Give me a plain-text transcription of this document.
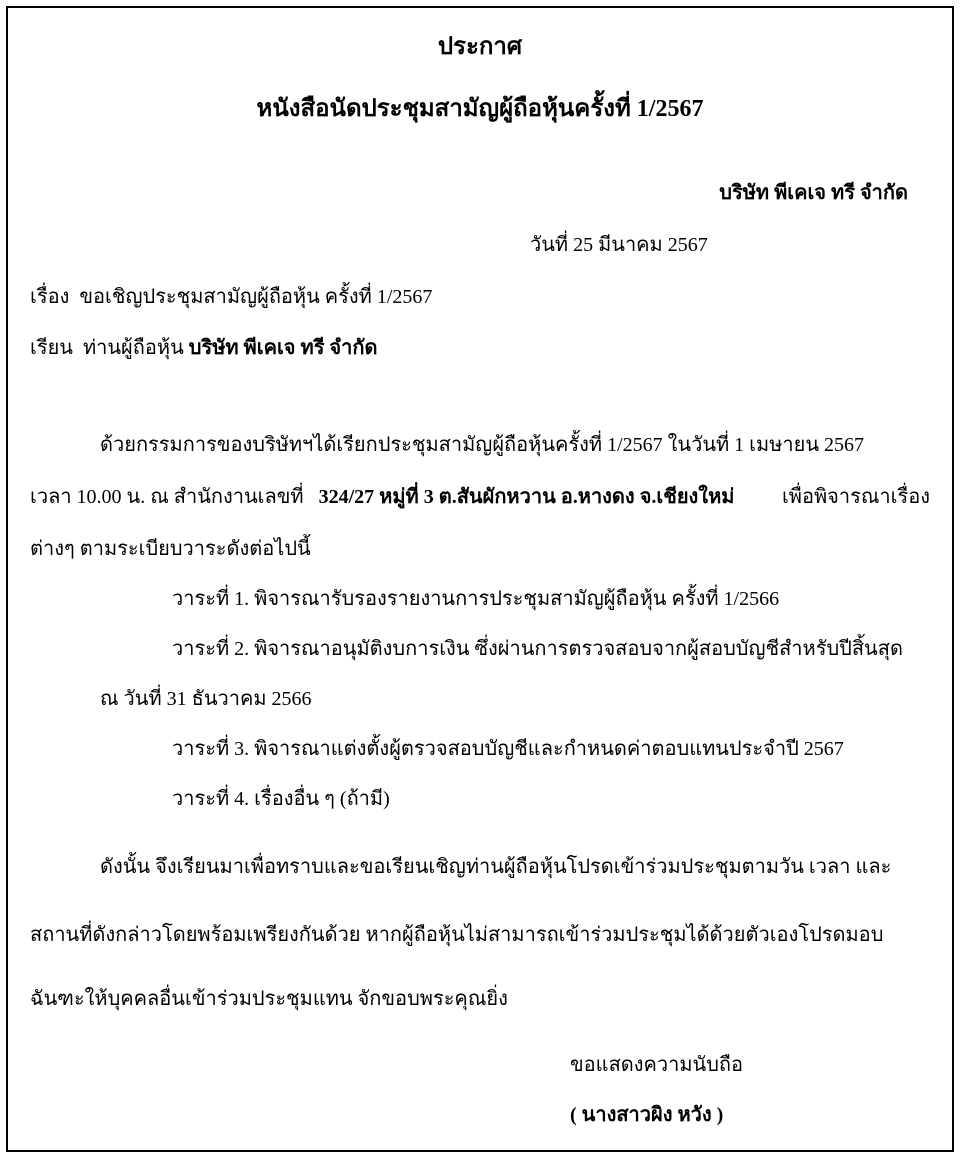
ประกาศ
หนังสือนัดประชุมสามัญผู้ถือหุ้นครั้งที่ 1/2567
บริษัท พีเคเจ ทรี จำกัด
วันที่ 25 มีนาคม 2567
เรื่อง ขอเชิญประชุมสามัญผู้ถือหุ้น ครั้งที่ 1/2567
เรียน ท่านผู้ถือหุ้น บริษัท พีเคเจ ทรี จำกัด
ด้วยกรรมการของบริษัทฯได้เรียกประชุมสามัญผู้ถือหุ้นครั้งที่ 1/2567 ในวันที่ 1 เมษายน 2567
เวลา 10.00 น. ณ สำนักงานเลขที่ 324/27 หมู่ที่ 3 ต.สันผักหวาน อ.หางดง จ.เชียงใหม่ เพื่อพิจารณาเรื่อง
ต่างๆ ตามระเบียบวาระดังต่อไปนี้
วาระที่ 1. พิจารณารับรองรายงานการประชุมสามัญผู้ถือหุ้น ครั้งที่ 1/2566
วาระที่ 2. พิจารณาอนุมัติงบการเงิน ซึ่งผ่านการตรวจสอบจากผู้สอบบัญชีสำหรับปีสิ้นสุด
ณ วันที่ 31 ธันวาคม 2566
วาระที่ 3. พิจารณาแต่งตั้งผู้ตรวจสอบบัญชีและกำหนดค่าตอบแทนประจำปี 2567
วาระที่ 4. เรื่องอื่น ๆ (ถ้ามี)
ดังนั้น จึงเรียนมาเพื่อทราบและขอเรียนเชิญท่านผู้ถือหุ้นโปรดเข้าร่วมประชุมตามวัน เวลา และ
สถานที่ดังกล่าวโดยพร้อมเพรียงกันด้วย หากผู้ถือหุ้นไม่สามารถเข้าร่วมประชุมได้ด้วยตัวเองโปรดมอบ
ฉันฑะให้บุคคลอื่นเข้าร่วมประชุมแทน จักขอบพระคุณยิ่ง
ขอแสดงความนับถือ
( นางสาวผิง หวัง )
